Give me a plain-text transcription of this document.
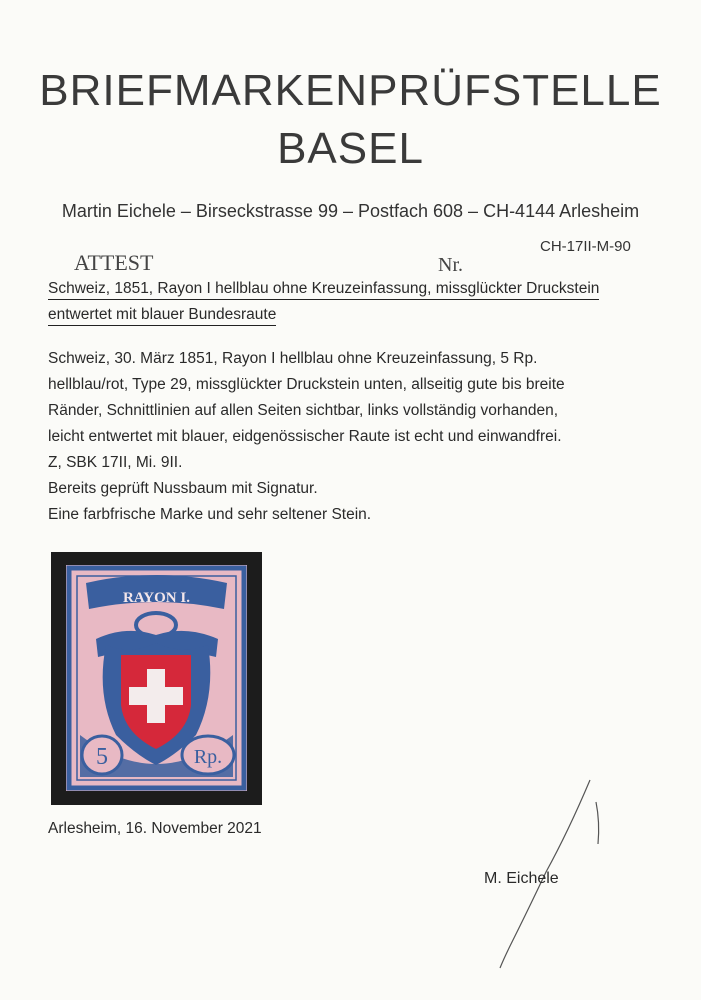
BRIEFMARKENPRÜFSTELLE
BASEL
Martin Eichele – Birseckstrasse 99 – Postfach 608 – CH-4144 Arlesheim
CH-17II-M-90
ATTEST	Nr.
Schweiz, 1851, Rayon I hellblau ohne Kreuzeinfassung, missglückter Druckstein
entwertet mit blauer Bundesraute
Schweiz, 30. März 1851, Rayon I hellblau ohne Kreuzeinfassung, 5 Rp.
hellblau/rot, Type 29, missglückter Druckstein unten, allseitig gute bis breite
Ränder, Schnittlinien auf allen Seiten sichtbar, links vollständig vorhanden,
leicht entwertet mit blauer, eidgenössischer Raute ist echt und einwandfrei.
Z, SBK 17II, Mi. 9II.
Bereits geprüft Nussbaum mit Signatur.
Eine farbfrische Marke und sehr seltener Stein.
RAYON I.
5	Rp.
Arlesheim, 16. November 2021
M. Eichele
